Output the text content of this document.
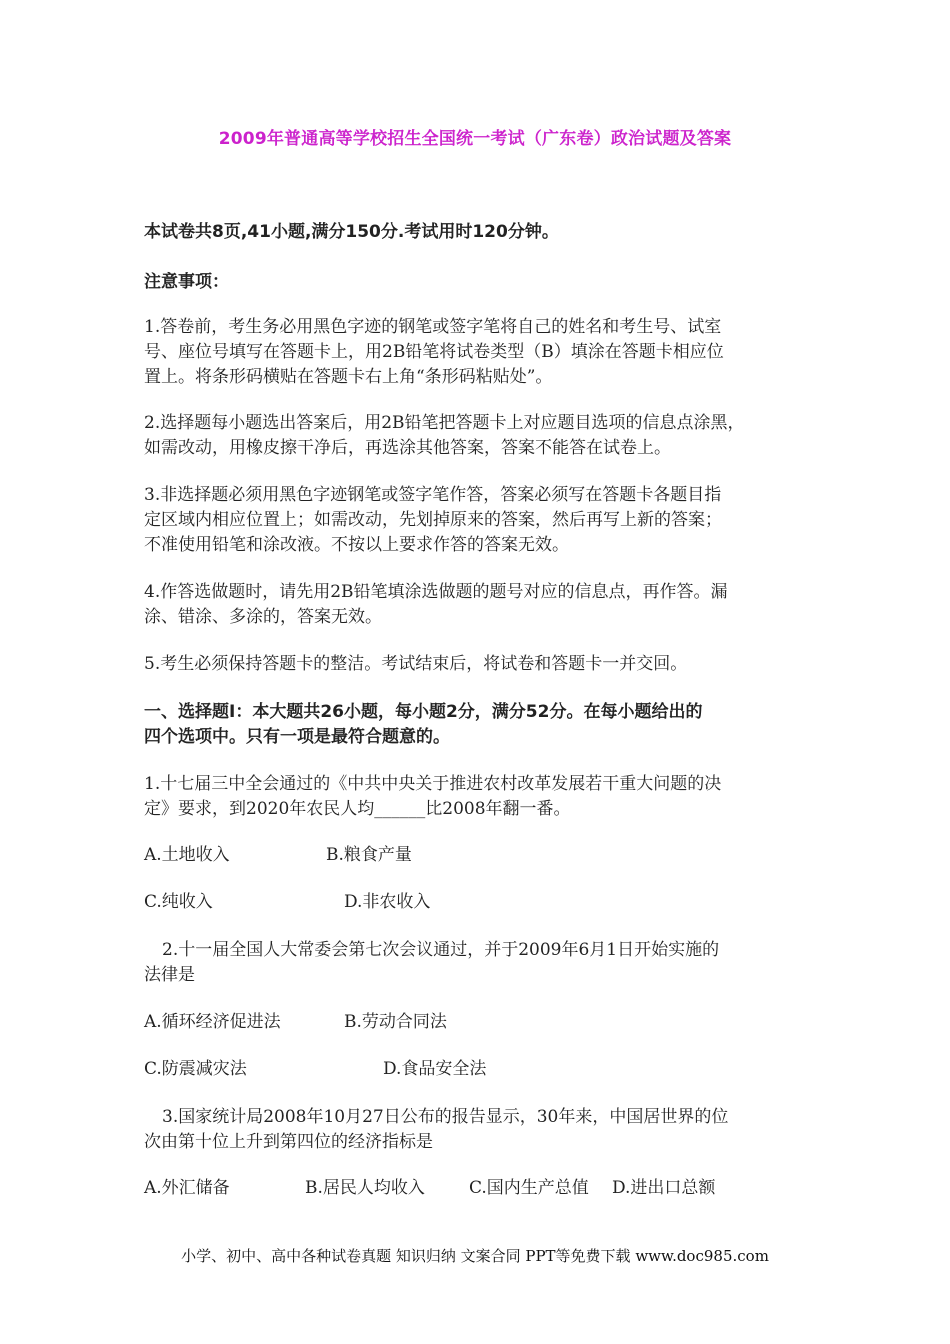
2009年普通高等学校招生全国统一考试（广东卷）政治试题及答案
本试卷共8页,41小题,满分150分.考试用时120分钟。
注意事项：
1.答卷前，考生务必用黑色字迹的钢笔或签字笔将自己的姓名和考生号、试室
号、座位号填写在答题卡上，用2B铅笔将试卷类型（B）填涂在答题卡相应位
置上。将条形码横贴在答题卡右上角“条形码粘贴处”。
2.选择题每小题选出答案后，用2B铅笔把答题卡上对应题目选项的信息点涂黑，
如需改动，用橡皮擦干净后，再选涂其他答案，答案不能答在试卷上。
3.非选择题必须用黑色字迹钢笔或签字笔作答，答案必须写在答题卡各题目指
定区域内相应位置上；如需改动，先划掉原来的答案，然后再写上新的答案；
不准使用铅笔和涂改液。不按以上要求作答的答案无效。
4.作答选做题时，请先用2B铅笔填涂选做题的题号对应的信息点，再作答。漏
涂、错涂、多涂的，答案无效。
5.考生必须保持答题卡的整洁。考试结束后，将试卷和答题卡一并交回。
一、选择题Ⅰ：本大题共26小题，每小题2分，满分52分。在每小题给出的
四个选项中。只有一项是最符合题意的。
1.十七届三中全会通过的《中共中央关于推进农村改革发展若干重大问题的决
定》要求，到2020年农民人均______比2008年翻一番。
A.土地收入	B.粮食产量
C.纯收入	D.非农收入
2.十一届全国人大常委会第七次会议通过，并于2009年6月1日开始实施的
法律是
A.循环经济促进法	B.劳动合同法
C.防震减灾法	D.食品安全法
3.国家统计局2008年10月27日公布的报告显示，30年来，中国居世界的位
次由第十位上升到第四位的经济指标是
A.外汇储备	B.居民人均收入	C.国内生产总值 D.进出口总额
小学、初中、高中各种试卷真题 知识归纳 文案合同 PPT等免费下载 www.doc985.com
